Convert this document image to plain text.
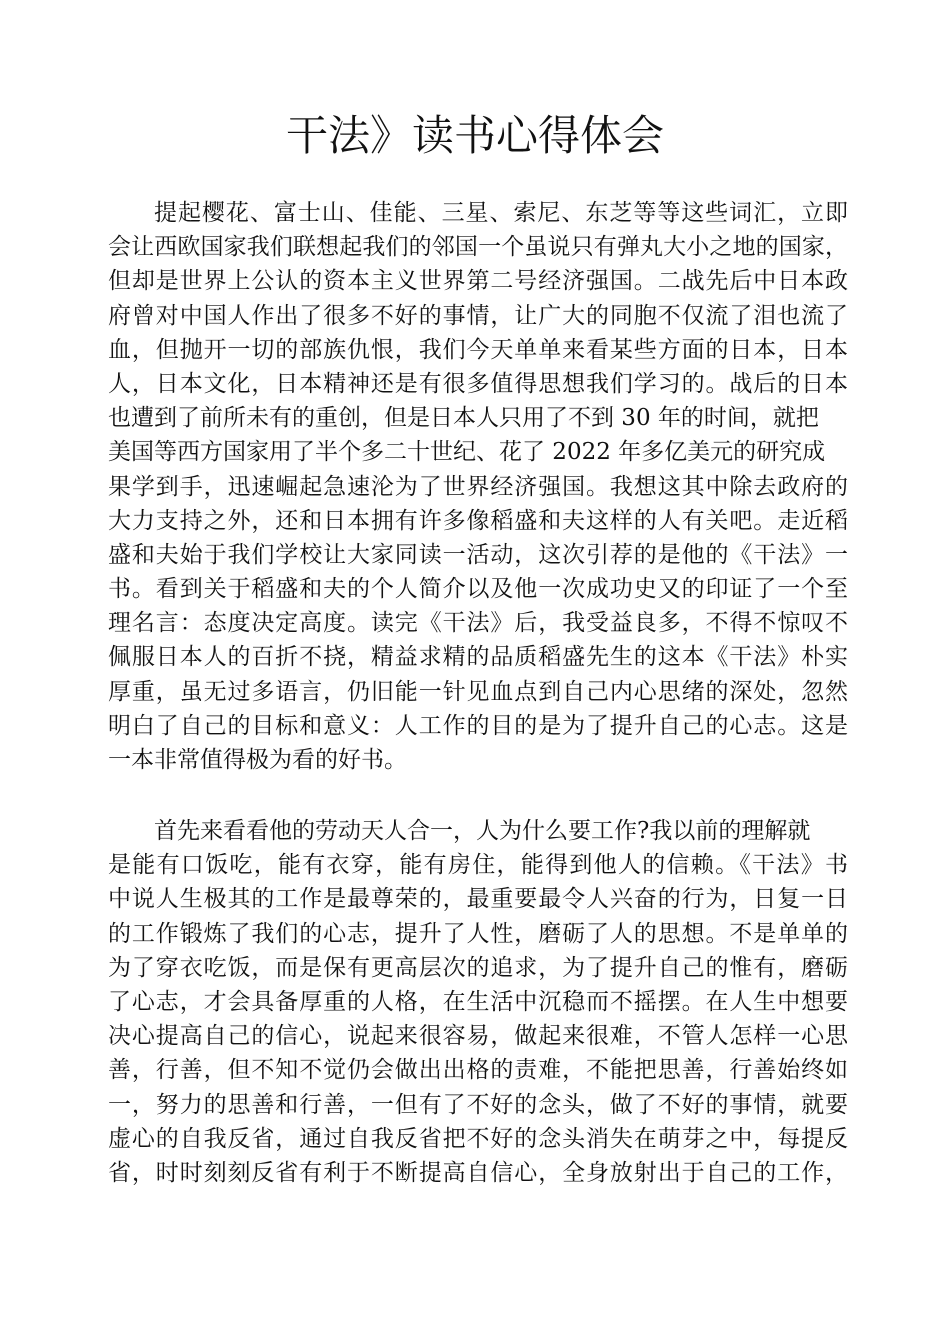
干法》读书心得体会
提起樱花、富士山、佳能、三星、索尼、东芝等等这些词汇，立即
会让西欧国家我们联想起我们的邻国一个虽说只有弹丸大小之地的国家，
但却是世界上公认的资本主义世界第二号经济强国。二战先后中日本政
府曾对中国人作出了很多不好的事情，让广大的同胞不仅流了泪也流了
血，但抛开一切的部族仇恨，我们今天单单来看某些方面的日本，日本
人，日本文化，日本精神还是有很多值得思想我们学习的。战后的日本
也遭到了前所未有的重创，但是日本人只用了不到 30 年的时间，就把
美国等西方国家用了半个多二十世纪、花了 2022 年多亿美元的研究成
果学到手，迅速崛起急速沦为了世界经济强国。我想这其中除去政府的
大力支持之外，还和日本拥有许多像稻盛和夫这样的人有关吧。走近稻
盛和夫始于我们学校让大家同读一活动，这次引荐的是他的《干法》一
书。看到关于稻盛和夫的个人简介以及他一次成功史又的印证了一个至
理名言：态度决定高度。读完《干法》后，我受益良多，不得不惊叹不
佩服日本人的百折不挠，精益求精的品质稻盛先生的这本《干法》朴实
厚重，虽无过多语言，仍旧能一针见血点到自己内心思绪的深处，忽然
明白了自己的目标和意义：人工作的目的是为了提升自己的心志。这是
一本非常值得极为看的好书。
首先来看看他的劳动天人合一，人为什么要工作?我以前的理解就
是能有口饭吃，能有衣穿，能有房住，能得到他人的信赖。《干法》书
中说人生极其的工作是最尊荣的，最重要最令人兴奋的行为，日复一日
的工作锻炼了我们的心志，提升了人性，磨砺了人的思想。不是单单的
为了穿衣吃饭，而是保有更高层次的追求，为了提升自己的惟有，磨砺
了心志，才会具备厚重的人格，在生活中沉稳而不摇摆。在人生中想要
决心提高自己的信心，说起来很容易，做起来很难，不管人怎样一心思
善，行善，但不知不觉仍会做出出格的责难，不能把思善，行善始终如
一，努力的思善和行善，一但有了不好的念头，做了不好的事情，就要
虚心的自我反省，通过自我反省把不好的念头消失在萌芽之中，每提反
省，时时刻刻反省有利于不断提高自信心，全身放射出于自己的工作，
